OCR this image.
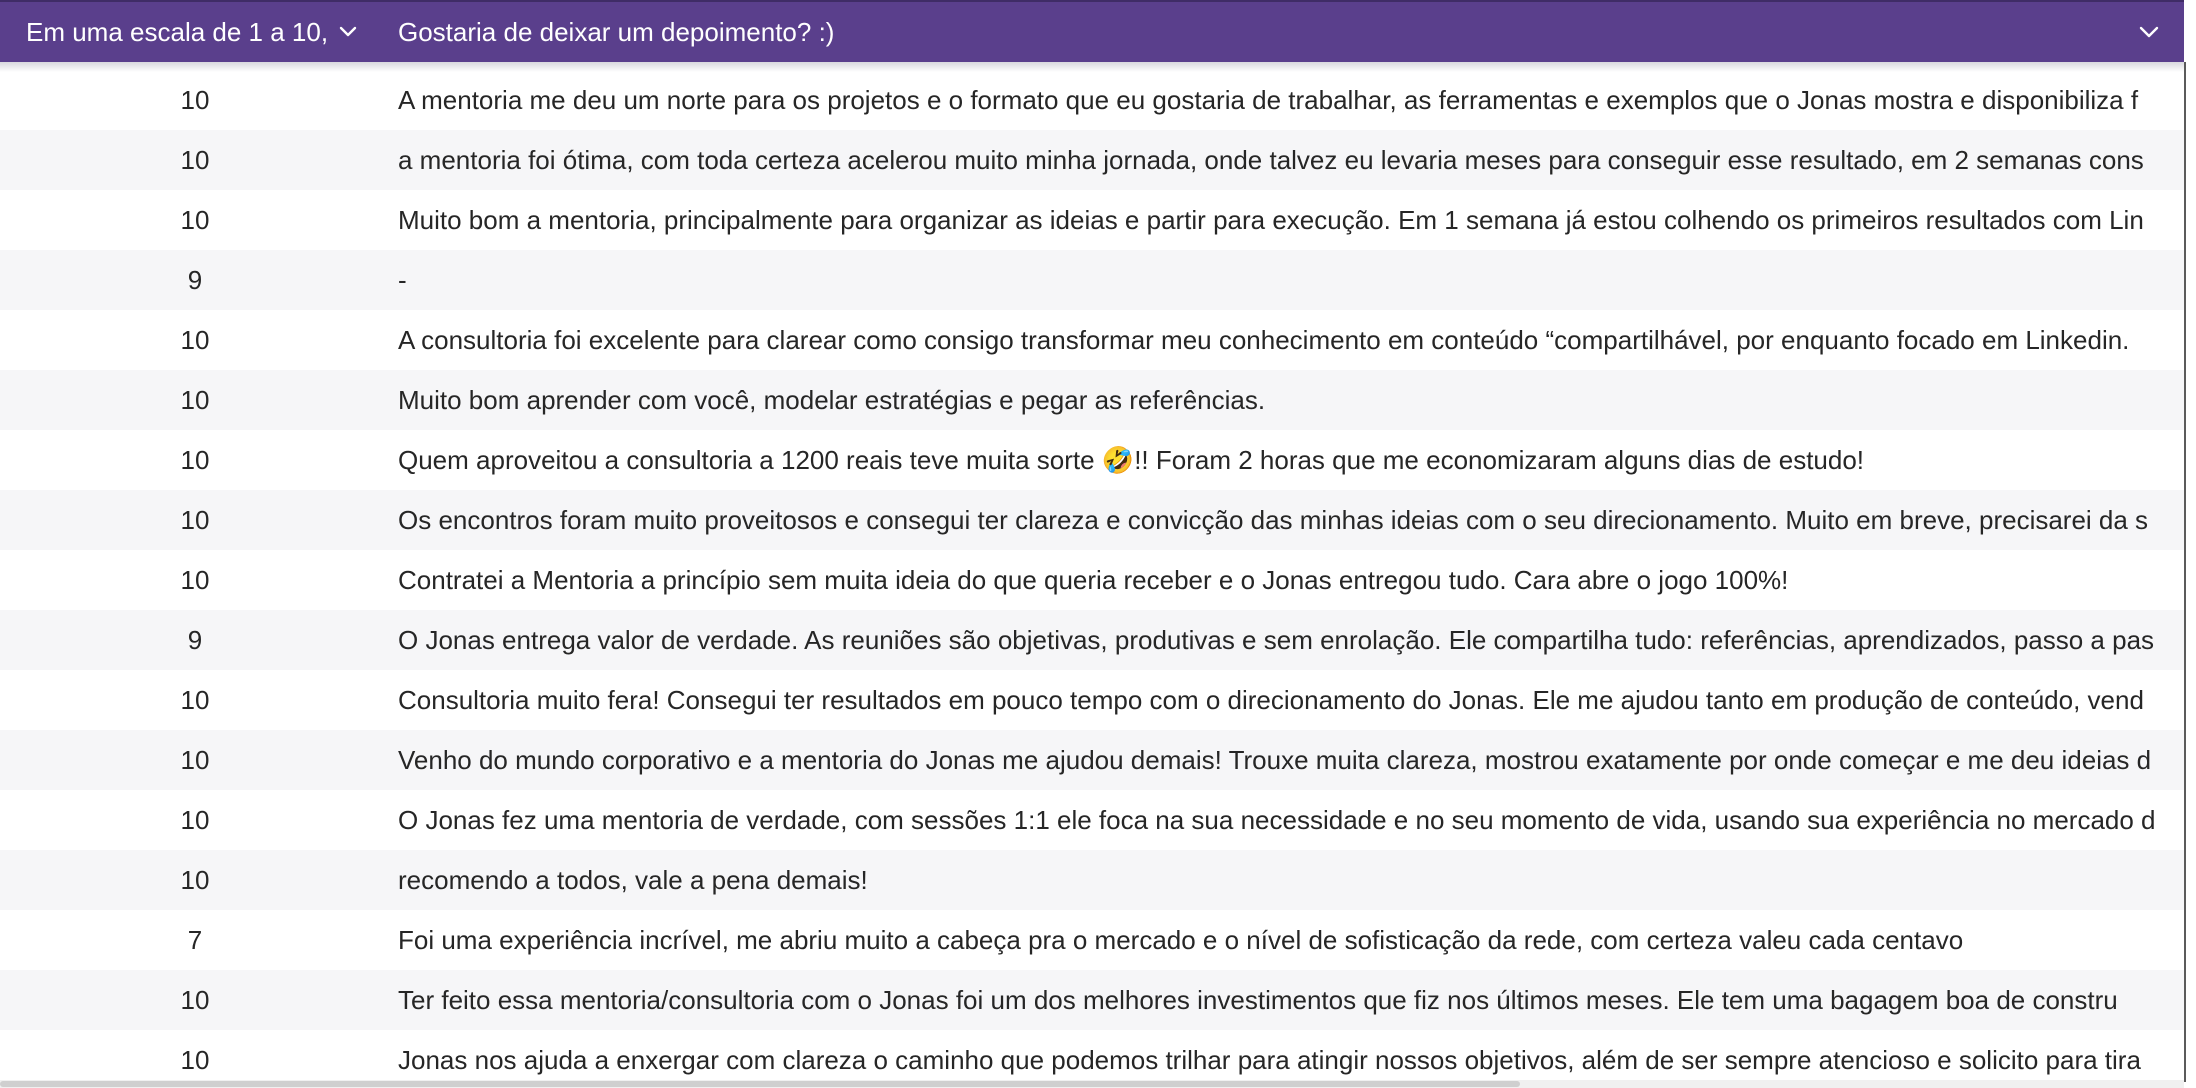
Em uma escala de 1 a 10,	Gostaria de deixar um depoimento? :)
10	A mentoria me deu um norte para os projetos e o formato que eu gostaria de trabalhar, as ferramentas e exemplos que o Jonas mostra e disponibiliza f
10	a mentoria foi ótima, com toda certeza acelerou muito minha jornada, onde talvez eu levaria meses para conseguir esse resultado, em 2 semanas cons
10	Muito bom a mentoria, principalmente para organizar as ideias e partir para execução. Em 1 semana já estou colhendo os primeiros resultados com Lin
9	-
10	A consultoria foi excelente para clarear como consigo transformar meu conhecimento em conteúdo “compartilhável, por enquanto focado em Linkedin.
10	Muito bom aprender com você, modelar estratégias e pegar as referências.
10	Quem aproveitou a consultoria a 1200 reais teve muita sorte 🤣!! Foram 2 horas que me economizaram alguns dias de estudo!
10	Os encontros foram muito proveitosos e consegui ter clareza e convicção das minhas ideias com o seu direcionamento. Muito em breve, precisarei da s
10	Contratei a Mentoria a princípio sem muita ideia do que queria receber e o Jonas entregou tudo. Cara abre o jogo 100%!
9	O Jonas entrega valor de verdade. As reuniões são objetivas, produtivas e sem enrolação. Ele compartilha tudo: referências, aprendizados, passo a pas
10	Consultoria muito fera! Consegui ter resultados em pouco tempo com o direcionamento do Jonas. Ele me ajudou tanto em produção de conteúdo, vend
10	Venho do mundo corporativo e a mentoria do Jonas me ajudou demais! Trouxe muita clareza, mostrou exatamente por onde começar e me deu ideias d
10	O Jonas fez uma mentoria de verdade, com sessões 1:1 ele foca na sua necessidade e no seu momento de vida, usando sua experiência no mercado d
10	recomendo a todos, vale a pena demais!
7	Foi uma experiência incrível, me abriu muito a cabeça pra o mercado e o nível de sofisticação da rede, com certeza valeu cada centavo
10	Ter feito essa mentoria/consultoria com o Jonas foi um dos melhores investimentos que fiz nos últimos meses. Ele tem uma bagagem boa de constru
10	Jonas nos ajuda a enxergar com clareza o caminho que podemos trilhar para atingir nossos objetivos, além de ser sempre atencioso e solicito para tira
